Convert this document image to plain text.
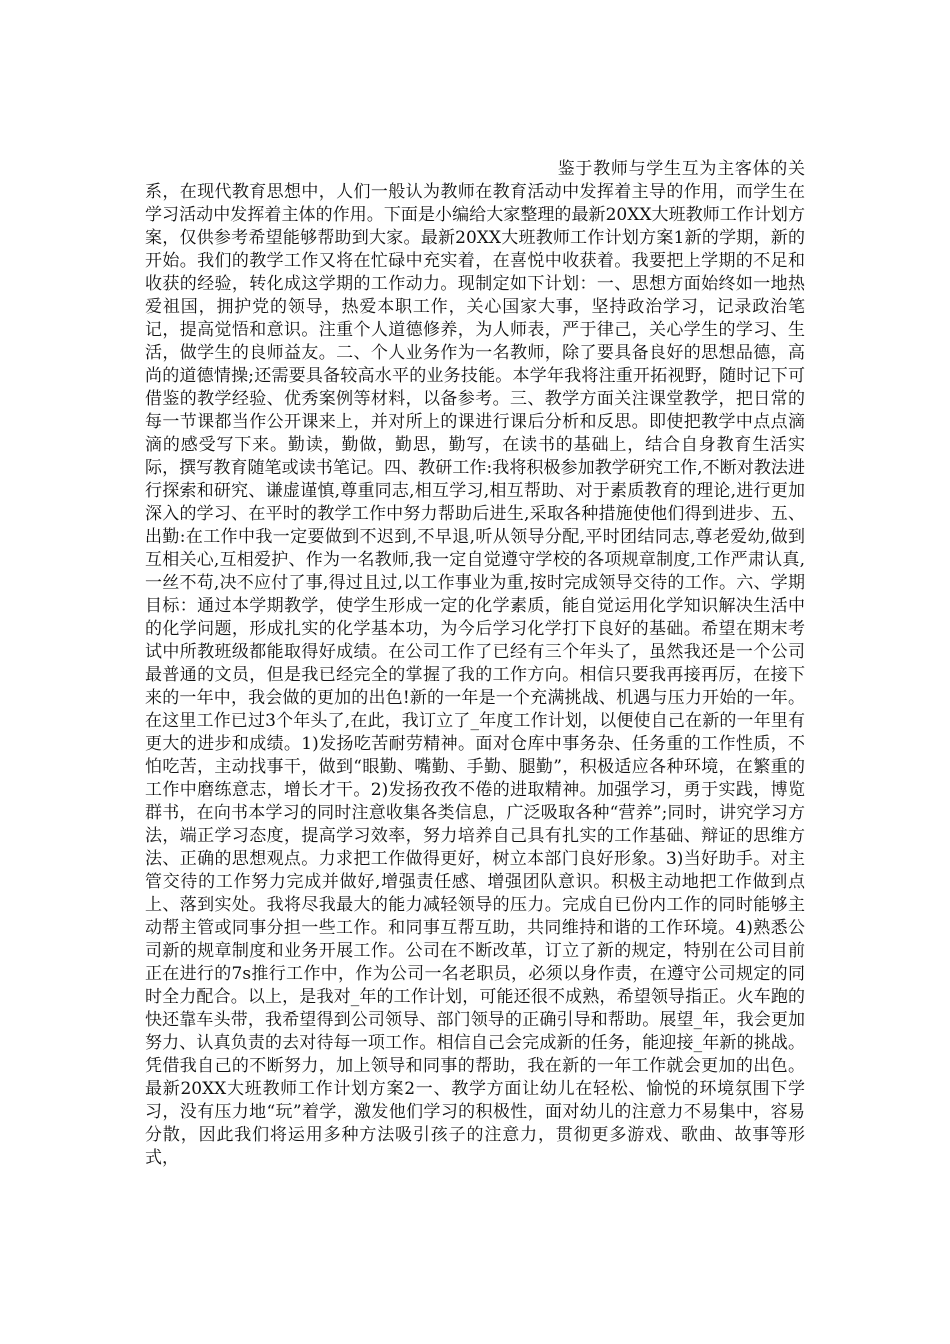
鉴于教师与学生互为主客体的关系，在现代教育思想中，人们一般认为教师在教育活动中发挥着主导的作用，而学生在学习活动中发挥着主体的作用。下面是小编给大家整理的最新20XX大班教师工作计划方案，仅供参考希望能够帮助到大家。最新20XX大班教师工作计划方案1新的学期，新的开始。我们的教学工作又将在忙碌中充实着，在喜悦中收获着。我要把上学期的不足和收获的经验，转化成这学期的工作动力。现制定如下计划：一、思想方面始终如一地热爱祖国，拥护党的领导，热爱本职工作，关心国家大事，坚持政治学习，记录政治笔记，提高觉悟和意识。注重个人道德修养，为人师表，严于律己，关心学生的学习、生活，做学生的良师益友。二、个人业务作为一名教师，除了要具备良好的思想品德，高尚的道德情操;还需要具备较高水平的业务技能。本学年我将注重开拓视野，随时记下可借鉴的教学经验、优秀案例等材料，以备参考。三、教学方面关注课堂教学，把日常的每一节课都当作公开课来上，并对所上的课进行课后分析和反思。即使把教学中点点滴滴的感受写下来。勤读，勤做，勤思，勤写，在读书的基础上，结合自身教育生活实际，撰写教育随笔或读书笔记。四、教研工作:我将积极参加教学研究工作,不断对教法进行探索和研究、谦虚谨慎,尊重同志,相互学习,相互帮助、对于素质教育的理论,进行更加深入的学习、在平时的教学工作中努力帮助后进生,采取各种措施使他们得到进步、五、出勤:在工作中我一定要做到不迟到,不早退,听从领导分配,平时团结同志,尊老爱幼,做到互相关心,互相爱护、作为一名教师,我一定自觉遵守学校的各项规章制度,工作严肃认真,一丝不苟,决不应付了事,得过且过,以工作事业为重,按时完成领导交待的工作。六、学期目标：通过本学期教学，使学生形成一定的化学素质，能自觉运用化学知识解决生活中的化学问题，形成扎实的化学基本功，为今后学习化学打下良好的基础。希望在期末考试中所教班级都能取得好成绩。在公司工作了已经有三个年头了，虽然我还是一个公司最普通的文员，但是我已经完全的掌握了我的工作方向。相信只要我再接再厉，在接下来的一年中，我会做的更加的出色!新的一年是一个充满挑战、机遇与压力开始的一年。在这里工作已过3个年头了,在此，我订立了_年度工作计划，以便使自己在新的一年里有更大的进步和成绩。1)发扬吃苦耐劳精神。面对仓库中事务杂、任务重的工作性质，不怕吃苦，主动找事干，做到“眼勤、嘴勤、手勤、腿勤”，积极适应各种环境，在繁重的工作中磨练意志，增长才干。2)发扬孜孜不倦的进取精神。加强学习，勇于实践，博览群书，在向书本学习的同时注意收集各类信息，广泛吸取各种“营养”;同时，讲究学习方法，端正学习态度，提高学习效率，努力培养自己具有扎实的工作基础、辩证的思维方法、正确的思想观点。力求把工作做得更好，树立本部门良好形象。3)当好助手。对主管交待的工作努力完成并做好,增强责任感、增强团队意识。积极主动地把工作做到点上、落到实处。我将尽我最大的能力减轻领导的压力。完成自已份内工作的同时能够主动帮主管或同事分担一些工作。和同事互帮互助，共同维持和谐的工作环境。4)熟悉公司新的规章制度和业务开展工作。公司在不断改革，订立了新的规定，特别在公司目前正在进行的7s推行工作中，作为公司一名老职员，必须以身作责，在遵守公司规定的同时全力配合。以上，是我对_年的工作计划，可能还很不成熟，希望领导指正。火车跑的快还靠车头带，我希望得到公司领导、部门领导的正确引导和帮助。展望_年，我会更加努力、认真负责的去对待每一项工作。相信自己会完成新的任务，能迎接_年新的挑战。凭借我自己的不断努力，加上领导和同事的帮助，我在新的一年工作就会更加的出色。最新20XX大班教师工作计划方案2一、教学方面让幼儿在轻松、愉悦的环境氛围下学习，没有压力地“玩”着学，激发他们学习的积极性，面对幼儿的注意力不易集中，容易分散，因此我们将运用多种方法吸引孩子的注意力，贯彻更多游戏、歌曲、故事等形式，
